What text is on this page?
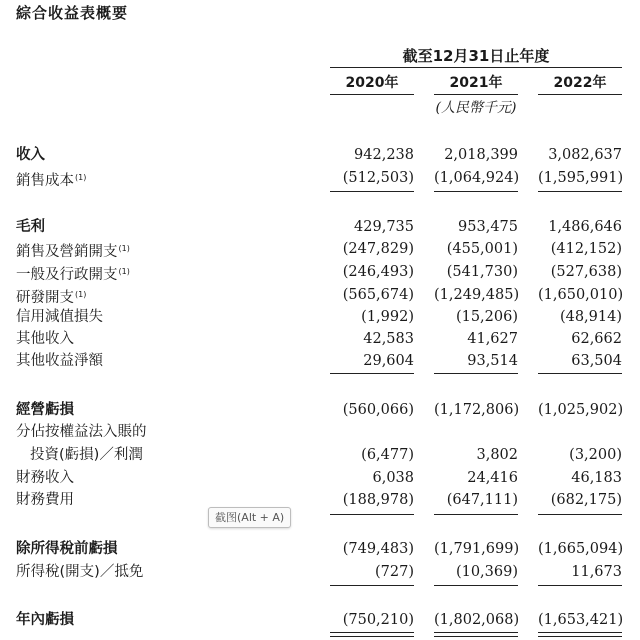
綜合收益表概要
截至12月31日止年度
2020年	2021年	2022年
(人民幣千元)
收入	942,238	2,018,399	3,082,637
銷售成本$^{(1)}$	(512,503) (1,064,924) (1,595,991)
毛利	429,735	953,475	1,486,646
銷售及營銷開支$^{(1)}$	(247,829)	(455,001)	(412,152)
一般及行政開支$^{(1)}$	(246,493)	(541,730)	(527,638)
研發開支$^{(1)}$	(565,674) (1,249,485) (1,650,010)
信用減值損失	(1,992)	(15,206)	(48,914)
其他收入	42,583	41,627	62,662
其他收益淨額	29,604	93,514	63,504
經營虧損	(560,066) (1,172,806) (1,025,902)
分佔按權益法入賬的
投資(虧損)／利潤	(6,477)	3,802	(3,200)
財務收入	6,038	24,416	46,183
財務費用	(188,978)	(647,111)	(682,175)
截图(Alt + A)
除所得稅前虧損	(749,483) (1,791,699) (1,665,094)
所得稅(開支)／抵免	(727)	(10,369)	11,673
年內虧損	(750,210) (1,802,068) (1,653,421)
